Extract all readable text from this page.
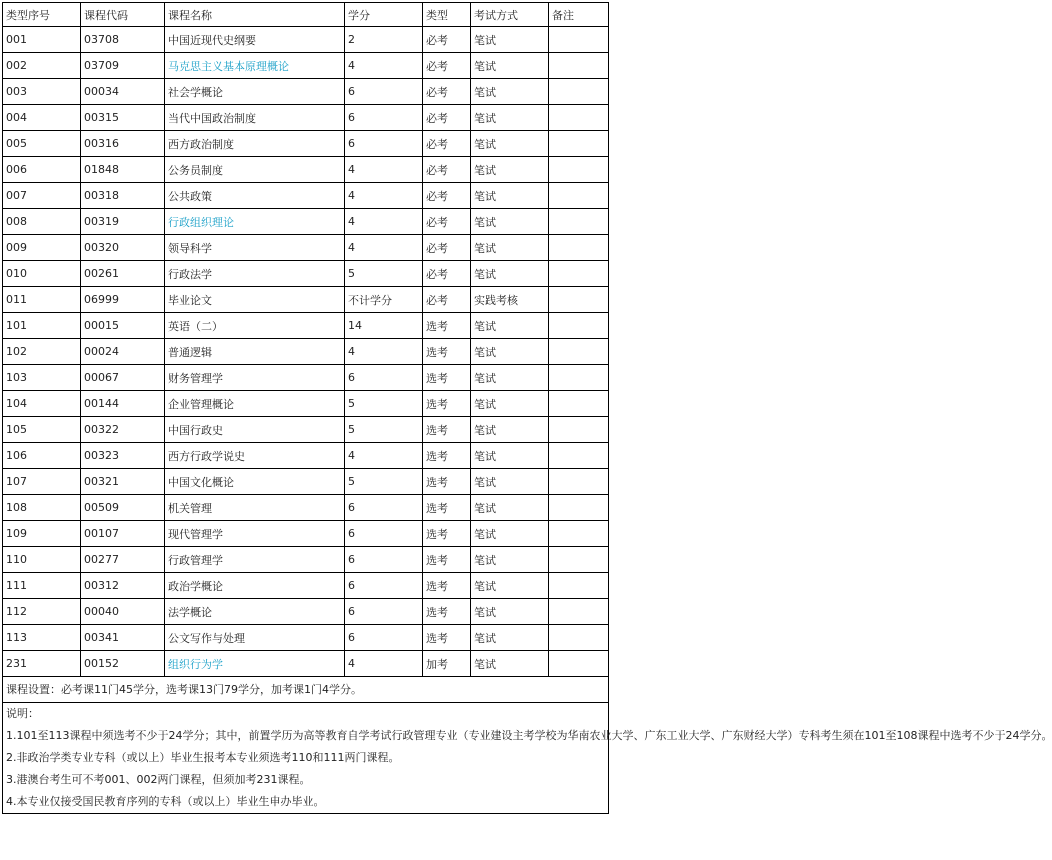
类型序号	课程代码	课程名称	学分	类型	考试方式	备注
001	03708	中国近现代史纲要	2	必考	笔试	
002	03709	马克思主义基本原理概论	4	必考	笔试	
003	00034	社会学概论	6	必考	笔试	
004	00315	当代中国政治制度	6	必考	笔试	
005	00316	西方政治制度	6	必考	笔试	
006	01848	公务员制度	4	必考	笔试	
007	00318	公共政策	4	必考	笔试	
008	00319	行政组织理论	4	必考	笔试	
009	00320	领导科学	4	必考	笔试	
010	00261	行政法学	5	必考	笔试	
011	06999	毕业论文	不计学分	必考	实践考核	
101	00015	英语（二）	14	选考	笔试	
102	00024	普通逻辑	4	选考	笔试	
103	00067	财务管理学	6	选考	笔试	
104	00144	企业管理概论	5	选考	笔试	
105	00322	中国行政史	5	选考	笔试	
106	00323	西方行政学说史	4	选考	笔试	
107	00321	中国文化概论	5	选考	笔试	
108	00509	机关管理	6	选考	笔试	
109	00107	现代管理学	6	选考	笔试	
110	00277	行政管理学	6	选考	笔试	
111	00312	政治学概论	6	选考	笔试	
112	00040	法学概论	6	选考	笔试	
113	00341	公文写作与处理	6	选考	笔试	
231	00152	组织行为学	4	加考	笔试	
课程设置：必考课11门45学分，选考课13门79学分，加考课1门4学分。						

说明：
1.101至113课程中须选考不少于24学分；其中，前置学历为高等教育自学考试行政管理专业（专业建设主考学校为华南农业大学、广东工业大学、广东财经大学）专科考生须在101至108课程中选考不少于24学分。
2.非政治学类专业专科（或以上）毕业生报考本专业须选考110和111两门课程。
3.港澳台考生可不考001、002两门课程，但须加考231课程。
4.本专业仅接受国民教育序列的专科（或以上）毕业生申办毕业。						
